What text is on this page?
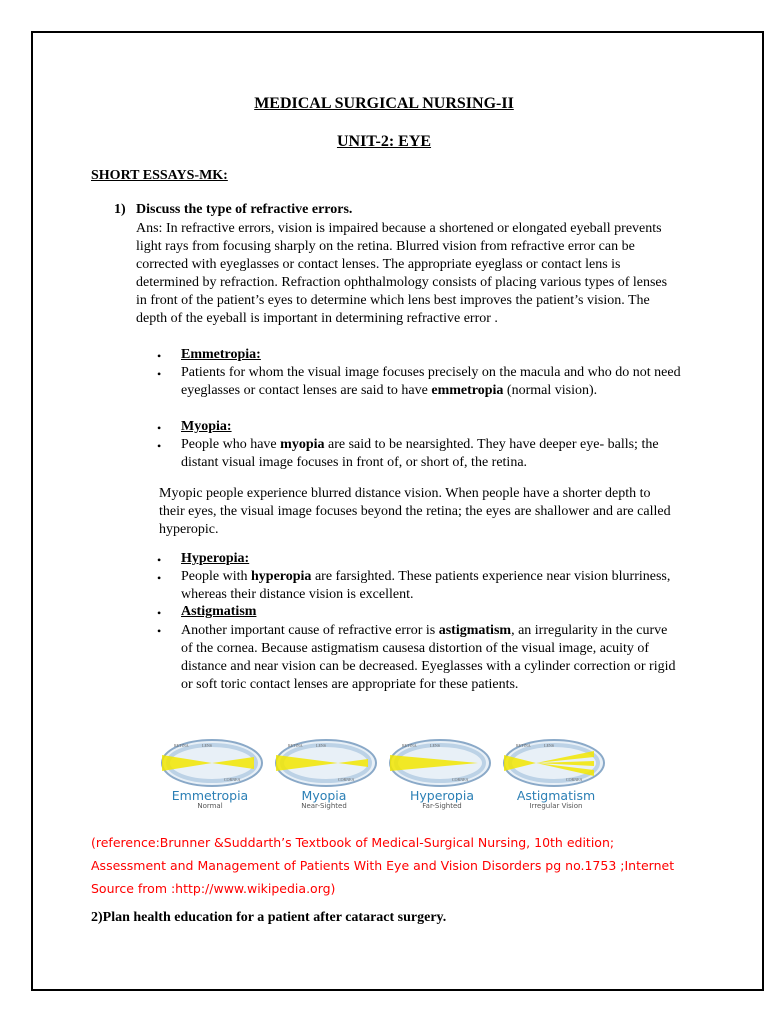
MEDICAL SURGICAL NURSING-II
UNIT-2: EYE
SHORT ESSAYS-MK:
1) Discuss the type of refractive errors.
Ans: In refractive errors, vision is impaired because a shortened or elongated eyeball prevents light rays from focusing sharply on the retina. Blurred vision from refractive error can be corrected with eyeglasses or contact lenses. The appropriate eyeglass or contact lens is determined by refraction. Refraction ophthalmology consists of placing various types of lenses in front of the patient’s eyes to determine which lens best improves the patient’s vision. The depth of the eyeball is important in determining refractive error .
• Emmetropia:
• Patients for whom the visual image focuses precisely on the macula and who do not need eyeglasses or contact lenses are said to have emmetropia (normal vision).
• Myopia:
• People who have myopia are said to be nearsighted. They have deeper eye- balls; the distant visual image focuses in front of, or short of, the retina.
Myopic people experience blurred distance vision. When people have a shorter depth to their eyes, the visual image focuses beyond the retina; the eyes are shallower and are called hyperopic.
• Hyperopia:
• People with hyperopia are farsighted. These patients experience near vision blurriness, whereas their distance vision is excellent.
• Astigmatism
• Another important cause of refractive error is astigmatism, an irregularity in the curve of the cornea. Because astigmatism causesa distortion of the visual image, acuity of distance and near vision can be decreased. Eyeglasses with a cylinder correction or rigid or soft toric contact lenses are appropriate for these patients.
RETINA	LENS
CORNEA
RETINA	LENS
CORNEA
RETINA	LENS
CORNEA
RETINA	LENS
CORNEA
Emmetropia
Normal
Myopia
Near-Sighted
Hyperopia
Far-Sighted
Astigmatism
Irregular Vision
(reference:Brunner &Suddarth’s Textbook of Medical-Surgical Nursing, 10th edition;
Assessment and Management of Patients With Eye and Vision Disorders pg no.1753 ;Internet
Source from :http://www.wikipedia.org)
2)Plan health education for a patient after cataract surgery.
